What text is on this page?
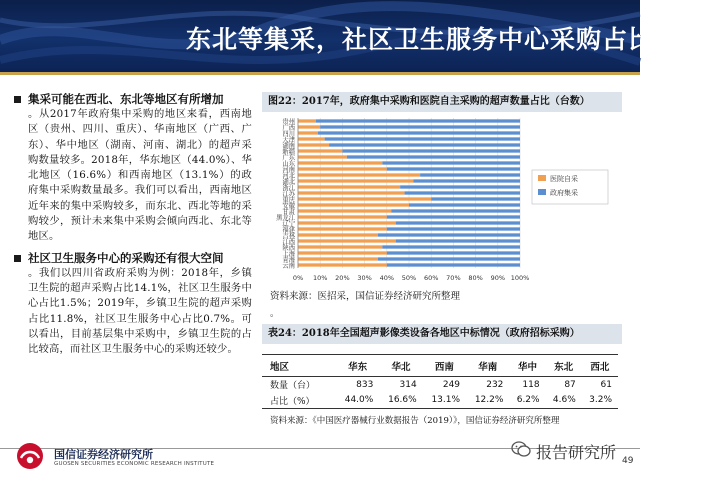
东北等集采，社区卫生服务中心采购占比较低
集采可能在西北、东北等地区有所增加
。从2017年政府集中采购的地区来看，西南地区（贵州、四川、重庆）、华南地区（广西、广东）、华中地区（湖南、河南、湖北）的超声采购数量较多。2018年，华东地区（44.0%）、华北地区（16.6%）和西南地区（13.1%）的政府集中采购数量最多。我们可以看出，西南地区近年来的集中采购较多，而东北、西北等地的采购较少，预计未来集中采购会倾向西北、东北等地区。
社区卫生服务中心的采购还有很大空间
。我们以四川省政府采购为例：2018年，乡镇卫生院的超声采购占比14.1%，社区卫生服务中心占比1.5%；2019年，乡镇卫生院的超声采购占比11.8%，社区卫生服务中心占比0.7%。可以看出，目前基层集中采购中，乡镇卫生院的占比较高，而社区卫生服务中心的采购还较少。
图22：2017年，政府集中采购和医院自主采购的超声数量占比（台数）
0% 10% 20% 30% 40% 50% 60% 70% 80% 90% 100%
贵州
广西
四川
天津
湖南
新疆
广东
山东
河南
河北
湖北
浙江
江苏
重庆
安徽
甘肃
黑龙江
辽宁
福建
吉林
江西
陕西
上海
青海
云南
医院自采
政府集采
资料来源：医招采，国信证券经济研究所整理
。
表24：2018年全国超声影像类设备各地区中标情况（政府招标采购）
地区	华东	华北	西南	华南	华中	东北	西北
数量（台）	833	314	249	232	118	87	61
占比（%）	44.0%	16.6%	13.1%	12.2%	6.2%	4.6%	3.2%
资料来源：《中国医疗器械行业数据报告（2019）》，国信证券经济研究所整理
国信证券经济研究所
GUOSEN SECURITIES ECONOMIC RESEARCH INSTITUTE
报告研究所 49
